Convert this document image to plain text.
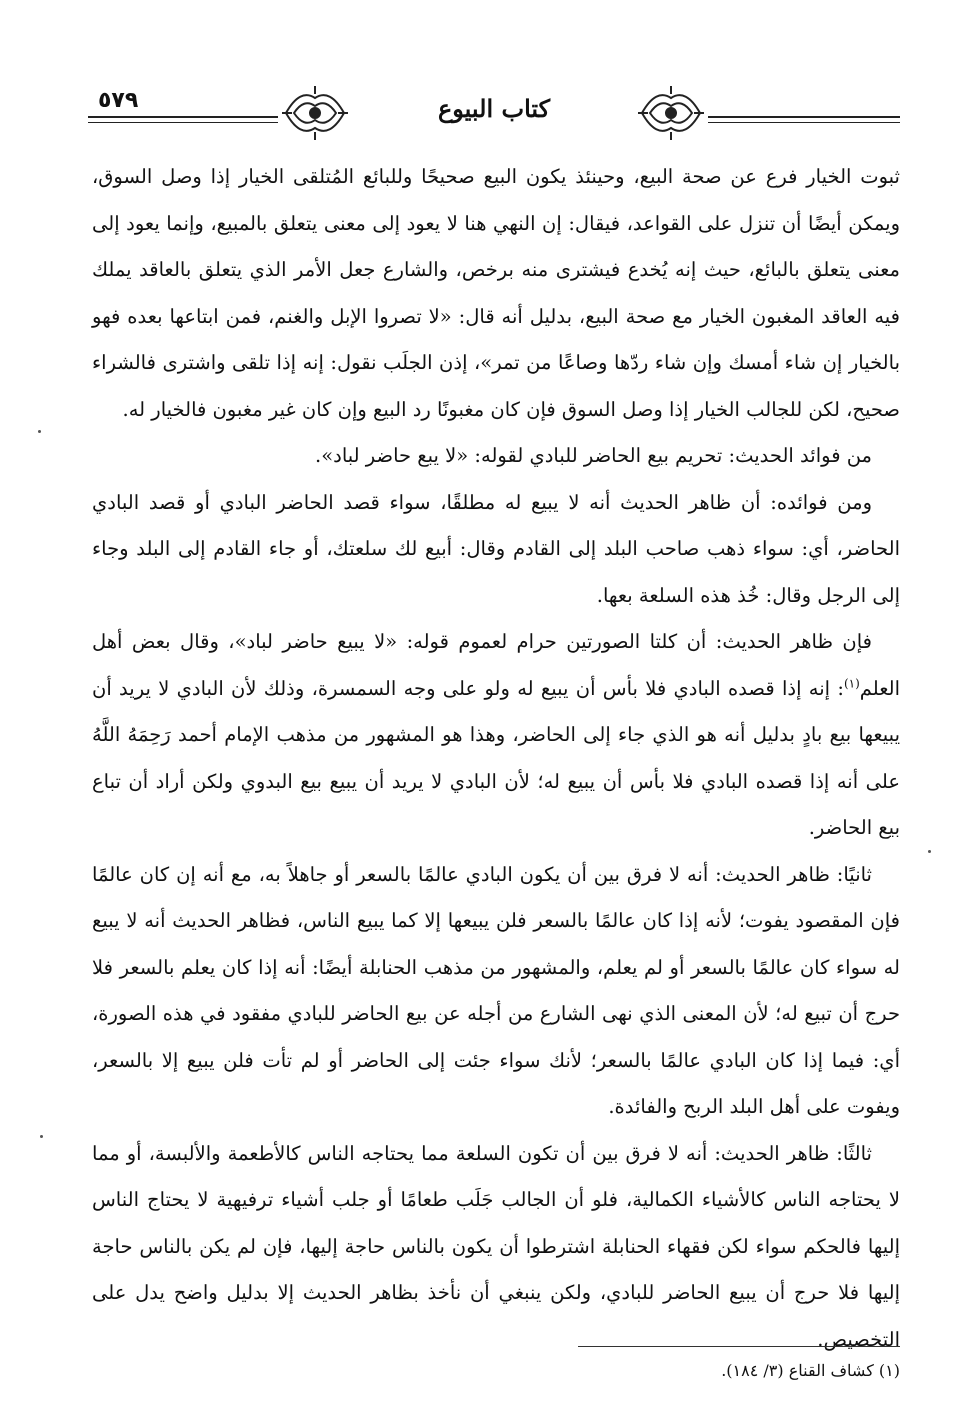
٥٧٩	كتاب البيوع

ثبوت الخيار فرع عن صحة البيع، وحينئذ يكون البيع صحيحًا وللبائع المُتلقى الخيار إذا وصل السوق، ويمكن أيضًا أن تنزل على القواعد، فيقال: إن النهي هنا لا يعود إلى معنى يتعلق بالمبيع، وإنما يعود إلى معنى يتعلق بالبائع، حيث إنه يُخدع فيشترى منه برخص، والشارع جعل الأمر الذي يتعلق بالعاقد يملك فيه العاقد المغبون الخيار مع صحة البيع، بدليل أنه قال: «لا تصروا الإبل والغنم، فمن ابتاعها بعده فهو بالخيار إن شاء أمسك وإن شاء ردّها وصاعًا من تمر»، إذن الجلَب نقول: إنه إذا تلقى واشترى فالشراء صحيح، لكن للجالب الخيار إذا وصل السوق فإن كان مغبونًا رد البيع وإن كان غير مغبون فالخيار له.

من فوائد الحديث: تحريم بيع الحاضر للبادي لقوله: «لا يبع حاضر لباد».

ومن فوائده: أن ظاهر الحديث أنه لا يبيع له مطلقًا، سواء قصد الحاضر البادي أو قصد البادي الحاضر، أي: سواء ذهب صاحب البلد إلى القادم وقال: أبيع لك سلعتك، أو جاء القادم إلى البلد وجاء إلى الرجل وقال: خُذ هذه السلعة بعها.

فإن ظاهر الحديث: أن كلتا الصورتين حرام لعموم قوله: «لا يبيع حاضر لباد»، وقال بعض أهل العلم$^{(١)}$: إنه إذا قصده البادي فلا بأس أن يبيع له ولو على وجه السمسرة، وذلك لأن البادي لا يريد أن يبيعها بيع بادٍ بدليل أنه هو الذي جاء إلى الحاضر، وهذا هو المشهور من مذهب الإمام أحمد رَحِمَهُ اللَّهُ على أنه إذا قصده البادي فلا بأس أن يبيع له؛ لأن البادي لا يريد أن يبيع بيع البدوي ولكن أراد أن تباع بيع الحاضر.

ثانيًا: ظاهر الحديث: أنه لا فرق بين أن يكون البادي عالمًا بالسعر أو جاهلاً به، مع أنه إن كان عالمًا فإن المقصود يفوت؛ لأنه إذا كان عالمًا بالسعر فلن يبيعها إلا كما يبيع الناس، فظاهر الحديث أنه لا يبيع له سواء كان عالمًا بالسعر أو لم يعلم، والمشهور من مذهب الحنابلة أيضًا: أنه إذا كان يعلم بالسعر فلا حرج أن تبيع له؛ لأن المعنى الذي نهى الشارع من أجله عن بيع الحاضر للبادي مفقود في هذه الصورة، أي: فيما إذا كان البادي عالمًا بالسعر؛ لأنك سواء جئت إلى الحاضر أو لم تأت فلن يبيع إلا بالسعر، ويفوت على أهل البلد الربح والفائدة.

ثالثًا: ظاهر الحديث: أنه لا فرق بين أن تكون السلعة مما يحتاجه الناس كالأطعمة والألبسة، أو مما لا يحتاجه الناس كالأشياء الكمالية، فلو أن الجالب جَلَب طعامًا أو جلب أشياء ترفيهية لا يحتاج الناس إليها فالحكم سواء لكن فقهاء الحنابلة اشترطوا أن يكون بالناس حاجة إليها، فإن لم يكن بالناس حاجة إليها فلا حرج أن يبيع الحاضر للبادي، ولكن ينبغي أن نأخذ بظاهر الحديث إلا بدليل واضح يدل على التخصيص.

(١) كشاف القناع (٣/ ١٨٤).
